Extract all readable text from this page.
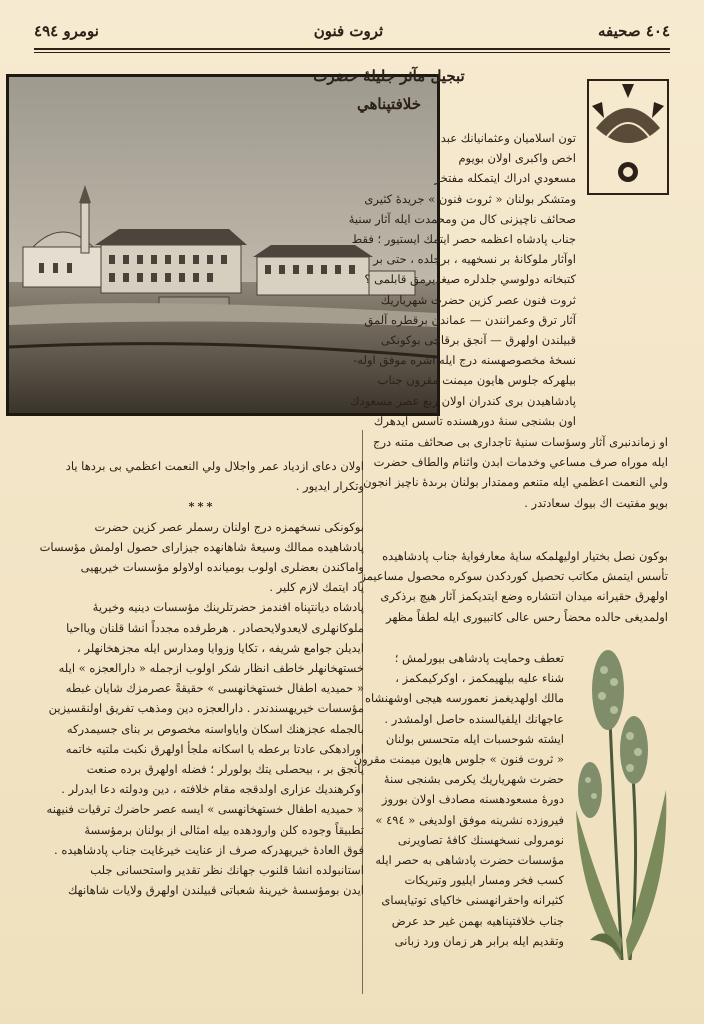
٤٠٤ صحيفه
ثروت فنون
نومرو ٤٩٤
تبجيل مآثر جليلهٔ حضرت
خلافتپناهي
تون اسلاميان وعثمانيانك عبد
اخص واكبرى اولان بويوم
مسعودي ادراك ايتمكله مفتخر
ومتشكر بولنان « ثروت فنون » جريدهٔ كثيرى
صحائف ناچيزنى كال من ومحمدت ايله آثار سنيهٔ
جناب پادشاه اعظمه حصر ايتمك ايستيور ؛ فقط
اوآثار ملوكانهٔ بر نسخهيه ، برجلده ، حتى بر
كتبخانه دولوسي جلدلره صيغديرمق قابلمى ؟
ثروت فنون عصر كزين حضرت شهرياريك
آثار ترق وعمرانندن — عماندن برقطره آلمق
قبيلندن اولهرق — آنجق برقاچى بوكونكى
نسخهٔ مخصوصهسنه درج ايله اشره موفق اوله-
بيلهركه جلوس هايون ميمنت مقرون جناب
پادشاهيدن برى كندران اولان ربع عصر مسعودك
اون بشنجى سنهٔ دورهسنده تأسس ايدهرك
او زماندنبرى آثار وسؤسات سنيهٔ تاجدارى بى صحائف متنه درج
ايله موراه صرف مساعي وخدمات ابدن واثنام والطاف حضرت
ولي النعمت اعظمي ايله متنعم وممتدار بولنان برىدهٔ ناچيز انجون
بويو مفتيت اك بيوك سعادتدر .
بوكون نصل بختيار اوليهلمكه سايهٔ معارفوايهٔ جناب پادشاهيده
تأسس ايتمش مكاتب تحصيل كوردكدن سوكره محصول مساعيمز
اولهرق حقيرانه ميدان انتشاره وضع ايتديكمز آثار هيچ برذكرى
اولمديغى حالده محضاً رحس عالى كاتبيورى ايله لطفاً مظهر
تعطف وحمايت پادشاهى بيورلمش ؛
شناء عليه بيلهيمكمز ، اوكركيمكمز ،
مالك اولهديغمز نعمورسه هيجى اوشهنشاه
عاجهانك ايلفيالسنده حاصل اولمشدر .
ايشته شوحسبات ايله متحسس بولنان
« ثروت فنون » جلوس هايون ميمنت مقرون
حضرت شهرياريك يكرمى بشنجى سنهٔ
دورهٔ مسعودهسنه مصادف اولان بوروز
فيروزده نشرينه موفق اولديغى « ٤٩٤ »
نومرولى نسخهسنك كافهٔ تصاويرنى
مؤسسات حضرت پادشاهى به حصر ايله
كسب فخر ومسار ايليور وتبريكات
كثيرانه واحقرانهسنى خاكياى توتيايساى
جناب خلافتپناهيه بهمن غير حد عرض
وتقديم ايله برابر هر زمان ورد زبانى
اولان دعاى ازدياد عمر واجلال ولي النعمت اعظمي بى بردها ياد
وتكرار ايديور .
***
بوكونكى نسخهمزه درج اولنان رسملر عصر كزين حضرت
پادشاهيده ممالك وسيعهٔ شاهانهده جيزاراى حصول اولمش مؤسسات
واماكندن بعضلرى اولوب بوميانده اولاولو مؤسسات خيريهيى
ياد ايتمك لازم كلير .
پادشاه ديانتپناه افندمز حضرتلرينك مؤسسات دينيه وخيريهٔ
ملوكانهلرى لايعدولايحصادر . هرطرفده مجدداً انشا قلنان ويااحيا
ايديلن جوامع شريفه ، تكايا وزوايا ومدارس ايله مجزهخانهلر ،
خستهخانهلر خاطف انظار شكر اولوب ازجمله « دارالعجزه » ايله
« حميديه اطفال خستهخانهسى » حقيقةً عصرمزك شايان غبطه
مؤسسات خيريهسندندر . دارالعجزه دين ومذهب تفريق اولنقسيزين
بالجمله عجزهنك اسكان واياواسنه مخصوص بر بناى جسيمدركه
اورادهكى عادتا برعطه يا اسكانه ملجأ اولهرق نكبت ملتيه خاتمه
يانجق بر ، بيحصلى يتك بولورلر ؛ فضله اولهرق برده صنعت
اوكرهنديك عزارى اولدقجه مقام خلافته ، دين ودولته دعا ايدرلر .
« حميديه اطفال خستهخانهسى » ايسه عصر حاضرك ترقيات فنيهنه
تطبيقاً وجوده كلن وارودهده بيله امثالى از بولنان برمؤسسهٔ
فوق العادهٔ خيريهدركه صرف از عنايت خيرغايت جناب پادشاهيده .
استانبولده انشا قلنوب جهانك نظر تقدير واستحسانى جلب
ايدن بومؤسسهٔ خيرينهٔ شعباتى قبيلندن اولهرق ولايات شاهانهك
